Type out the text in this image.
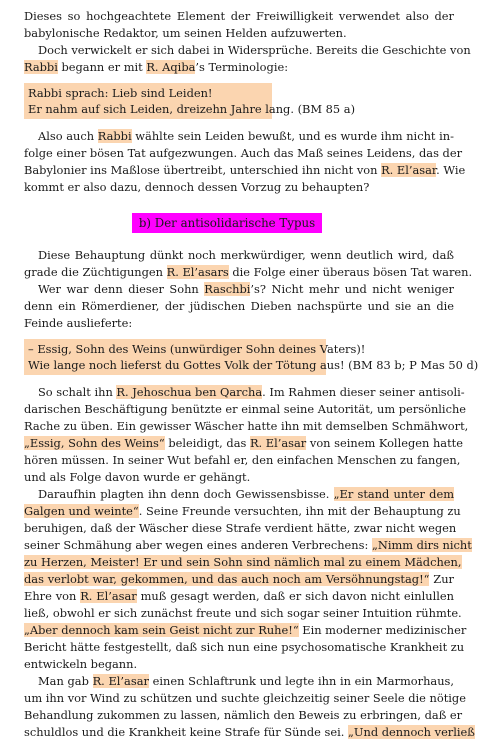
b) Der antisolidarische Typus
Dieses so hochgeachtete Element der Freiwilligkeit verwendet also der
babylonische Redaktor, um seinen Helden aufzuwerten.
Doch verwickelt er sich dabei in Widersprüche. Bereits die Geschichte von
Rabbi begann er mit R. Aqiba’s Terminologie:
Rabbi sprach: Lieb sind Leiden!
Er nahm auf sich Leiden, dreizehn Jahre lang. (BM 85 a)
Also auch Rabbi wählte sein Leiden bewußt, und es wurde ihm nicht in-
folge einer bösen Tat aufgezwungen. Auch das Maß seines Leidens, das der
Babylonier ins Maßlose übertreibt, unterschied ihn nicht von R. El’asar. Wie
kommt er also dazu, dennoch dessen Vorzug zu behaupten?
Diese Behauptung dünkt noch merkwürdiger, wenn deutlich wird, daß
grade die Züchtigungen R. El’asars die Folge einer überaus bösen Tat waren.
Wer war denn dieser Sohn Raschbi’s? Nicht mehr und nicht weniger
denn ein Römerdiener, der jüdischen Dieben nachspürte und sie an die
Feinde auslieferte:
– Essig, Sohn des Weins (unwürdiger Sohn deines Vaters)!
Wie lange noch lieferst du Gottes Volk der Tötung aus! (BM 83 b; P Mas 50 d)
So schalt ihn R. Jehoschua ben Qarcha. Im Rahmen dieser seiner antisoli-
darischen Beschäftigung benützte er einmal seine Autorität, um persönliche
Rache zu üben. Ein gewisser Wäscher hatte ihn mit demselben Schmähwort,
„Essig, Sohn des Weins“ beleidigt, das R. El’asar von seinem Kollegen hatte
hören müssen. In seiner Wut befahl er, den einfachen Menschen zu fangen,
und als Folge davon wurde er gehängt.
Daraufhin plagten ihn denn doch Gewissensbisse. „Er stand unter dem
Galgen und weinte“. Seine Freunde versuchten, ihn mit der Behauptung zu
beruhigen, daß der Wäscher diese Strafe verdient hätte, zwar nicht wegen
seiner Schmähung aber wegen eines anderen Verbrechens: „Nimm dirs nicht
zu Herzen, Meister! Er und sein Sohn sind nämlich mal zu einem Mädchen,
das verlobt war, gekommen, und das auch noch am Versöhnungstag!“ Zur
Ehre von R. El’asar muß gesagt werden, daß er sich davon nicht einlullen
ließ, obwohl er sich zunächst freute und sich sogar seiner Intuition rühmte.
„Aber dennoch kam sein Geist nicht zur Ruhe!“ Ein moderner medizinischer
Bericht hätte festgestellt, daß sich nun eine psychosomatische Krankheit zu
entwickeln begann.
Man gab R. El’asar einen Schlaftrunk und legte ihn in ein Marmorhaus,
um ihn vor Wind zu schützen und suchte gleichzeitig seiner Seele die nötige
Behandlung zukommen zu lassen, nämlich den Beweis zu erbringen, daß er
schuldlos und die Krankheit keine Strafe für Sünde sei. „Und dennoch verließ
